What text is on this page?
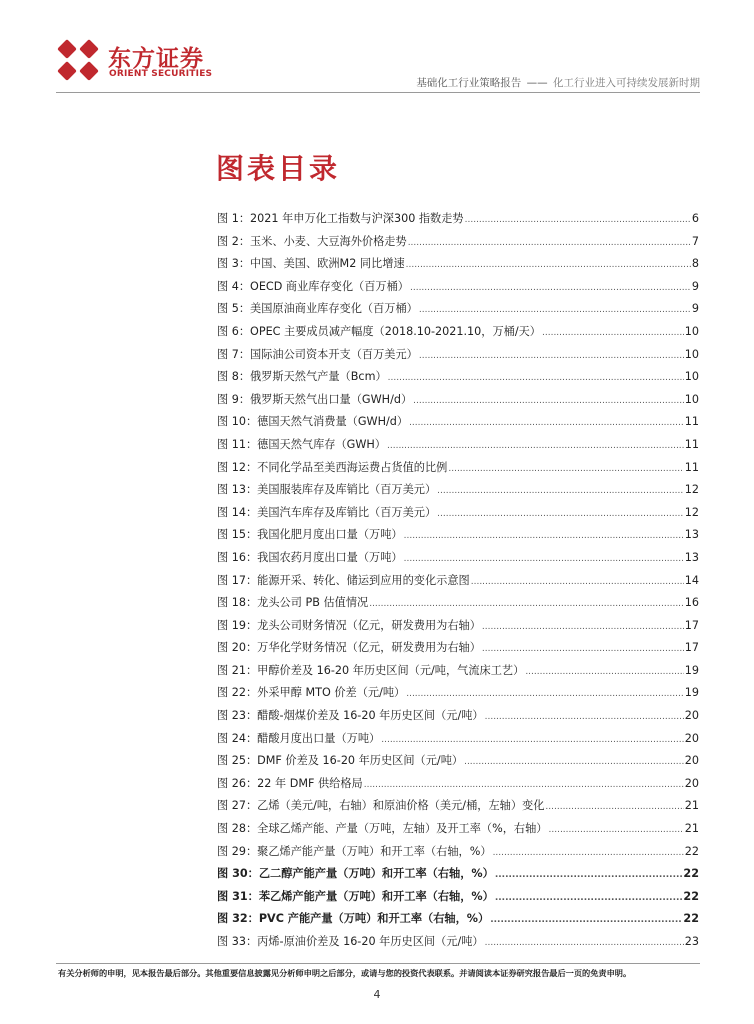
东方证券
ORIENT SECURITIES
基础化工行业策略报告 —— 化工行业进入可持续发展新时期
图表目录
图 1：2021 年申万化工指数与沪深300 指数走势 .....	6
图 2：玉米、小麦、大豆海外价格走势 .....	7
图 3：中国、美国、欧洲M2 同比增速 .....	8
图 4：OECD 商业库存变化（百万桶） .....	9
图 5：美国原油商业库存变化（百万桶） .....	9
图 6：OPEC 主要成员减产幅度（2018.10-2021.10，万桶/天） .....	10
图 7：国际油公司资本开支（百万美元） .....	10
图 8：俄罗斯天然气产量（Bcm） .....	10
图 9：俄罗斯天然气出口量（GWH/d） .....	10
图 10：德国天然气消费量（GWH/d） .....	11
图 11：德国天然气库存（GWH） .....	11
图 12：不同化学品至美西海运费占货值的比例 .....	11
图 13：美国服装库存及库销比（百万美元） .....	12
图 14：美国汽车库存及库销比（百万美元） .....	12
图 15：我国化肥月度出口量（万吨） .....	13
图 16：我国农药月度出口量（万吨） .....	13
图 17：能源开采、转化、储运到应用的变化示意图 .....	14
图 18：龙头公司 PB 估值情况 .....	16
图 19：龙头公司财务情况（亿元，研发费用为右轴） .....	17
图 20：万华化学财务情况（亿元，研发费用为右轴） .....	17
图 21：甲醇价差及 16-20 年历史区间（元/吨，气流床工艺） .....	19
图 22：外采甲醇 MTO 价差（元/吨） .....	19
图 23：醋酸-烟煤价差及 16-20 年历史区间（元/吨） .....	20
图 24：醋酸月度出口量（万吨） .....	20
图 25：DMF 价差及 16-20 年历史区间（元/吨） .....	20
图 26：22 年 DMF 供给格局 .....	20
图 27：乙烯（美元/吨，右轴）和原油价格（美元/桶，左轴）变化 .....	21
图 28：全球乙烯产能、产量（万吨，左轴）及开工率（%，右轴） .....	21
图 29：聚乙烯产能产量（万吨）和开工率（右轴，%） .....	22
图 30：乙二醇产能产量（万吨）和开工率（右轴，%） .....	22
图 31：苯乙烯产能产量（万吨）和开工率（右轴，%） .....	22
图 32：PVC 产能产量（万吨）和开工率（右轴，%） .....	22
图 33：丙烯-原油价差及 16-20 年历史区间（元/吨） .....	23
有关分析师的申明，见本报告最后部分。其他重要信息披露见分析师申明之后部分，或请与您的投资代表联系。并请阅读本证券研究报告最后一页的免责申明。
4
